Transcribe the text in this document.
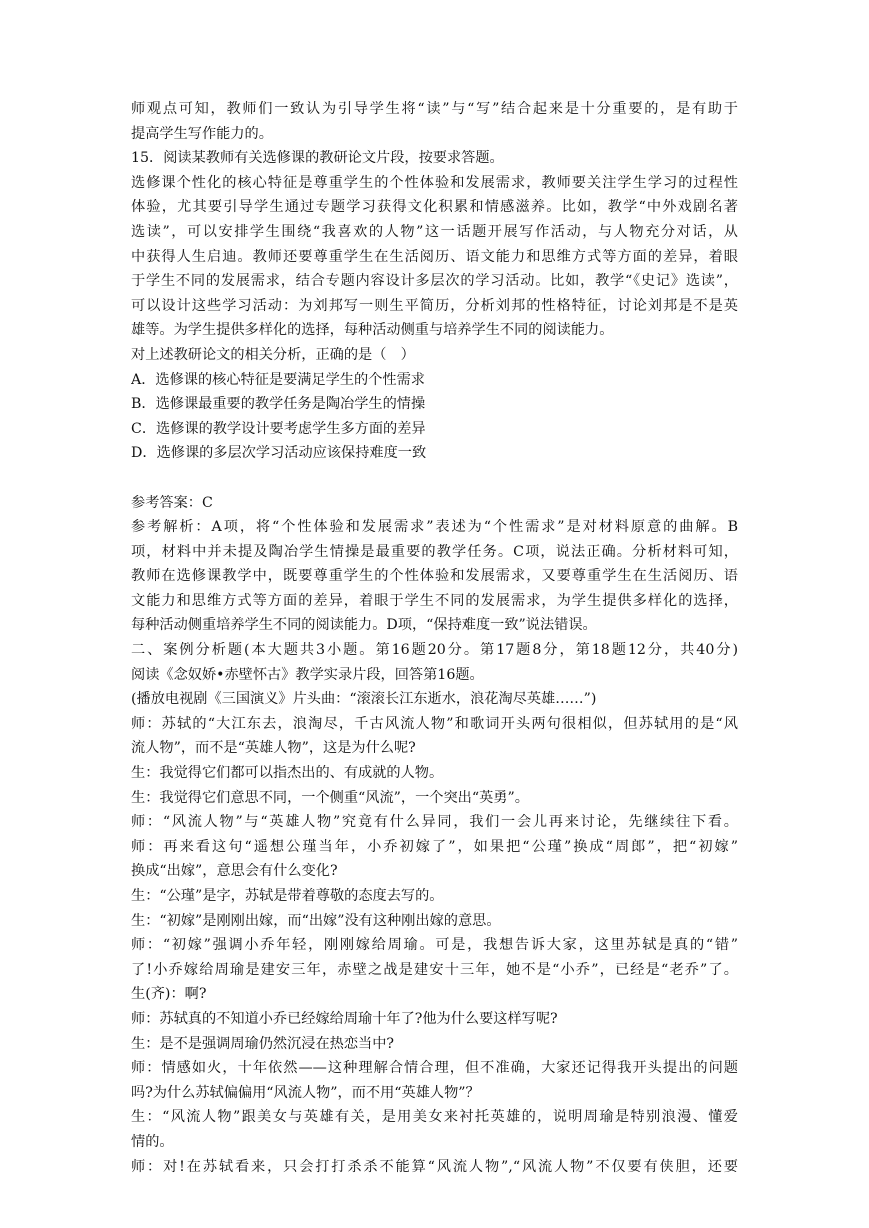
师观点可知，教师们一致认为引导学生将“读”与“写”结合起来是十分重要的，是有助于
提高学生写作能力的。
15．阅读某教师有关选修课的教研论文片段，按要求答题。
选修课个性化的核心特征是尊重学生的个性体验和发展需求，教师要关注学生学习的过程性
体验，尤其要引导学生通过专题学习获得文化积累和情感滋养。比如，教学“中外戏剧名著
选读”，可以安排学生围绕“我喜欢的人物”这一话题开展写作活动，与人物充分对话，从
中获得人生启迪。教师还要尊重学生在生活阅历、语文能力和思维方式等方面的差异，着眼
于学生不同的发展需求，结合专题内容设计多层次的学习活动。比如，教学“《史记》选读”，
可以设计这些学习活动：为刘邦写一则生平简历，分析刘邦的性格特征，讨论刘邦是不是英
雄等。为学生提供多样化的选择，每种活动侧重与培养学生不同的阅读能力。
对上述教研论文的相关分析，正确的是（　）
A．选修课的核心特征是要满足学生的个性需求
B．选修课最重要的教学任务是陶冶学生的情操
C．选修课的教学设计要考虑学生多方面的差异
D．选修课的多层次学习活动应该保持难度一致
参考答案：C
参考解析：A项，将“个性体验和发展需求”表述为“个性需求”是对材料原意的曲解。B
项，材料中并未提及陶冶学生情操是最重要的教学任务。C项，说法正确。分析材料可知，
教师在选修课教学中，既要尊重学生的个性体验和发展需求，又要尊重学生在生活阅历、语
文能力和思维方式等方面的差异，着眼于学生不同的发展需求，为学生提供多样化的选择，
每种活动侧重培养学生不同的阅读能力。D项，“保持难度一致”说法错误。
二、案例分析题(本大题共3小题。第16题20分。第17题8分，第18题12分，共40分)
阅读《念奴娇•赤壁怀古》教学实录片段，回答第16题。
(播放电视剧《三国演义》片头曲：“滚滚长江东逝水，浪花淘尽英雄……”)
师：苏轼的“大江东去，浪淘尽，千古风流人物”和歌词开头两句很相似，但苏轼用的是“风
流人物”，而不是“英雄人物”，这是为什么呢?
生：我觉得它们都可以指杰出的、有成就的人物。
生：我觉得它们意思不同，一个侧重“风流”，一个突出“英勇”。
师：“风流人物”与“英雄人物”究竟有什么异同，我们一会儿再来讨论，先继续往下看。
师：再来看这句“遥想公瑾当年，小乔初嫁了”，如果把“公瑾”换成“周郎”，把“初嫁”
换成“出嫁”，意思会有什么变化?
生：“公瑾”是字，苏轼是带着尊敬的态度去写的。
生：“初嫁”是刚刚出嫁，而“出嫁”没有这种刚出嫁的意思。
师：“初嫁”强调小乔年轻，刚刚嫁给周瑜。可是，我想告诉大家，这里苏轼是真的“错”
了!小乔嫁给周瑜是建安三年，赤壁之战是建安十三年，她不是“小乔”，已经是“老乔”了。
生(齐)：啊?
师：苏轼真的不知道小乔已经嫁给周瑜十年了?他为什么要这样写呢?
生：是不是强调周瑜仍然沉浸在热恋当中?
师：情感如火，十年依然——这种理解合情合理，但不准确，大家还记得我开头提出的问题
吗?为什么苏轼偏偏用“风流人物”，而不用“英雄人物”？
生：“风流人物”跟美女与英雄有关，是用美女来衬托英雄的，说明周瑜是特别浪漫、懂爱
情的。
师：对!在苏轼看来，只会打打杀杀不能算“风流人物”,“风流人物”不仅要有侠胆，还要
